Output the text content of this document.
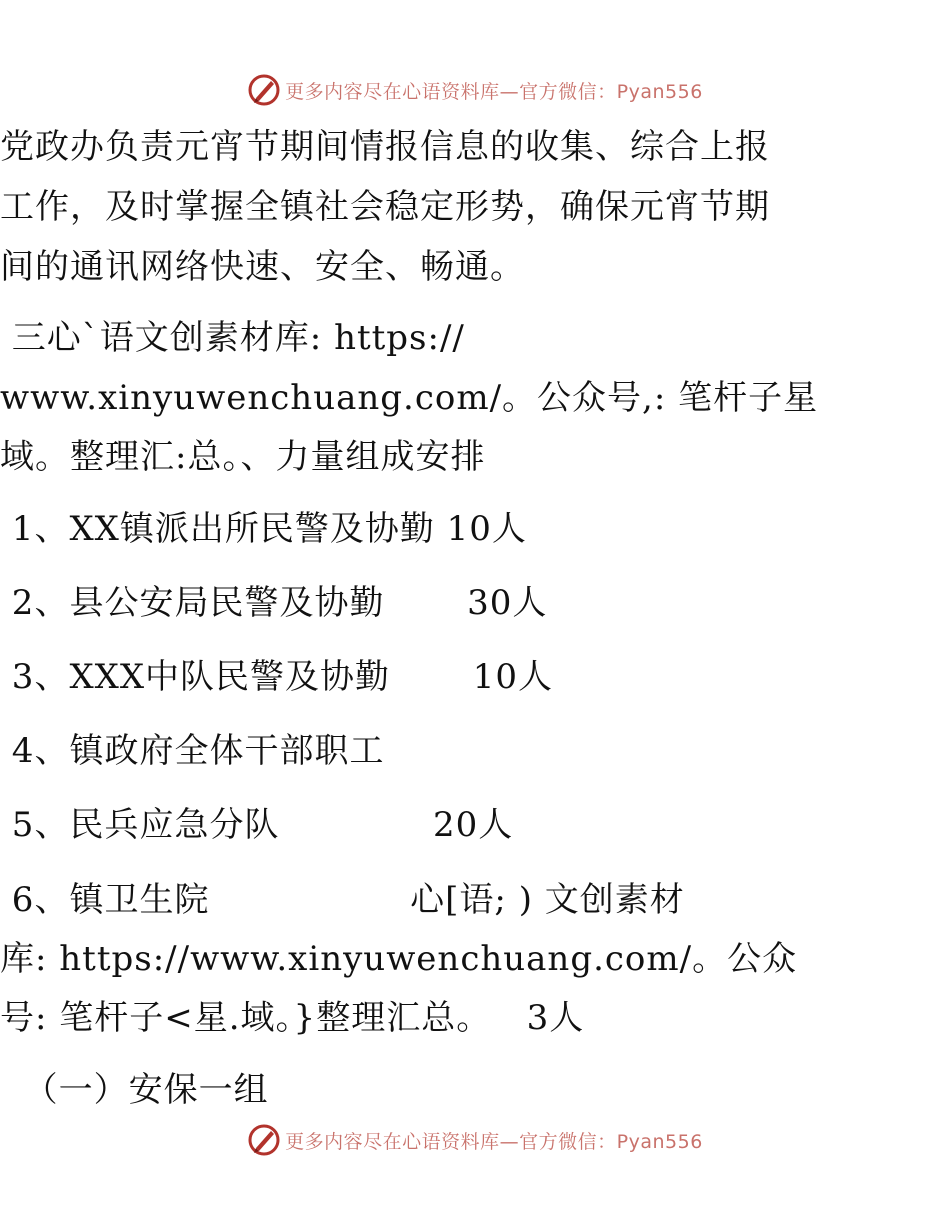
更多内容尽在心语资料库—官方微信：Pyan556
党政办负责元宵节期间情报信息的收集、综合上报
工作，及时掌握全镇社会稳定形势，确保元宵节期
间的通讯网络快速、安全、畅通。
三心`语文创素材库: https://
www.xinyuwenchuang.com/。公众号,: 笔杆子星
域。整理汇:总。、力量组成安排
1、XX镇派出所民警及协勤 10人
2、县公安局民警及协勤       30人
3、XXX中队民警及协勤       10人
4、镇政府全体干部职工
5、民兵应急分队             20人
6、镇卫生院                 心[语; ) 文创素材
库: https://www.xinyuwenchuang.com/。公众
号: 笔杆子<星.域。}整理汇总。   3人
（一）安保一组
更多内容尽在心语资料库—官方微信：Pyan556
